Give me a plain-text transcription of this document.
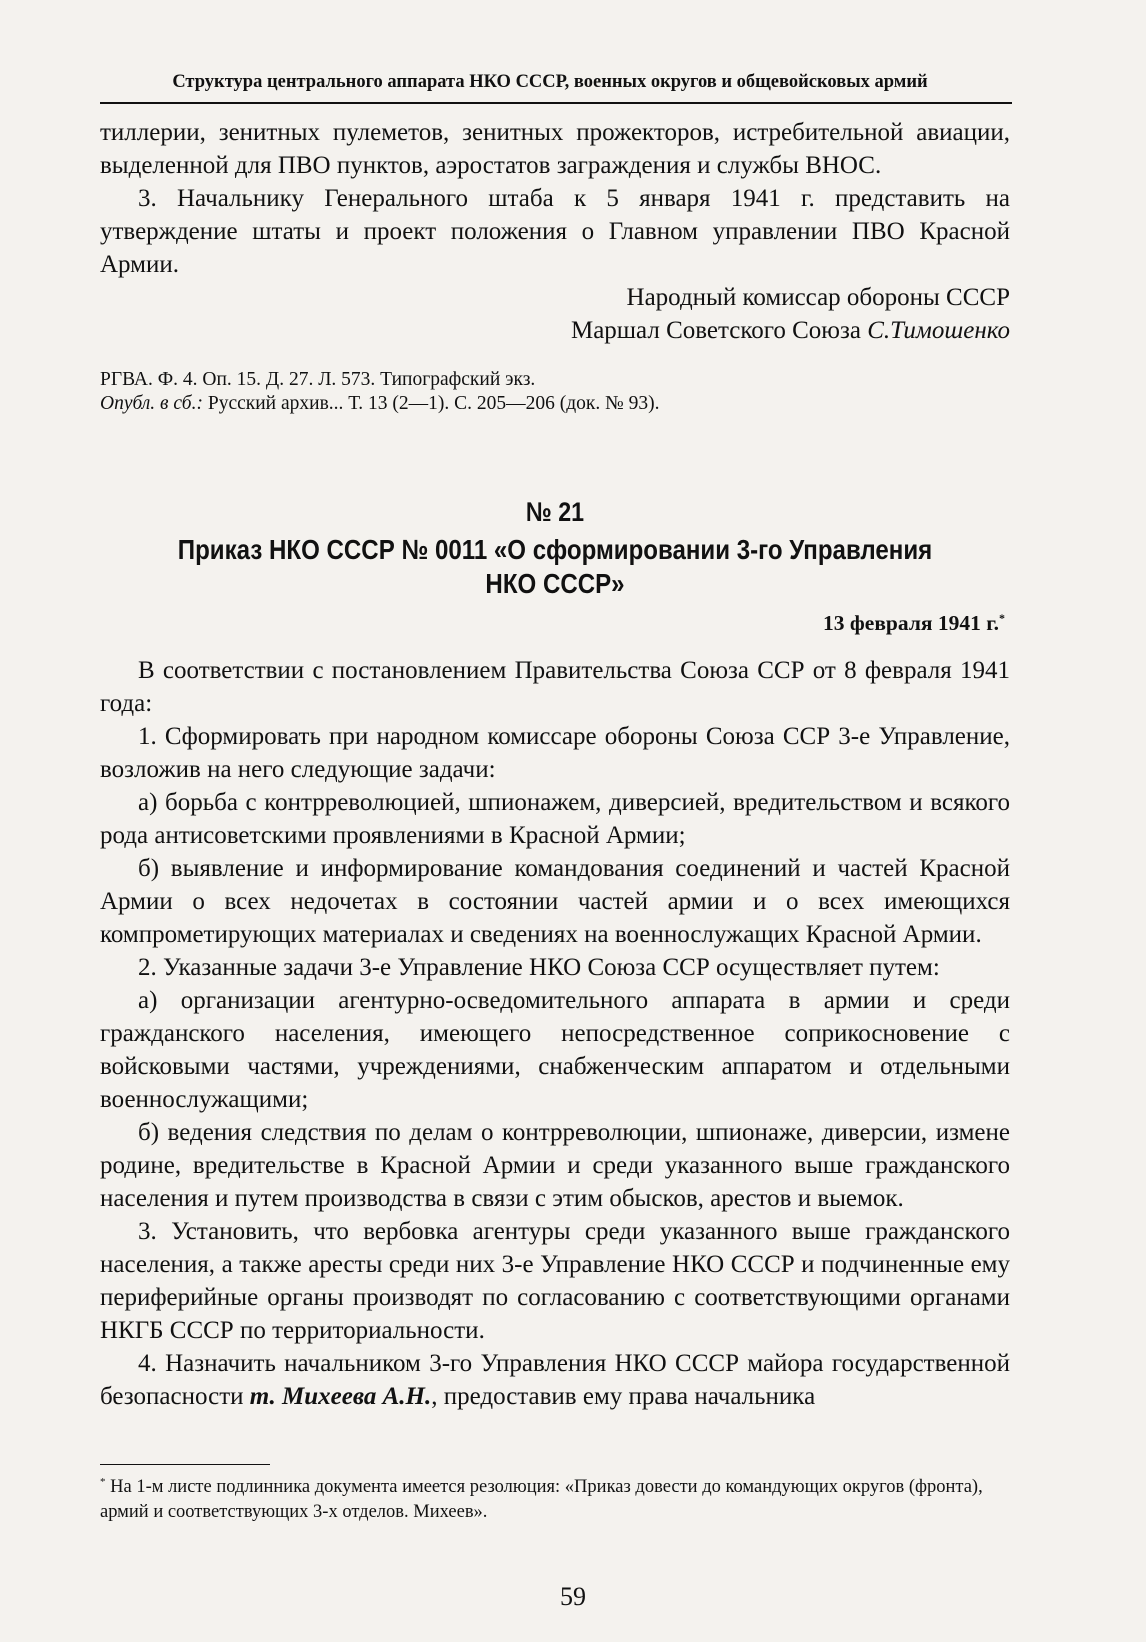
Структура центрального аппарата НКО СССР, военных округов и общевойсковых армий

тиллерии, зенитных пулеметов, зенитных прожекторов, истребительной авиации, выделенной для ПВО пунктов, аэростатов заграждения и службы ВНОС.

3. Начальнику Генерального штаба к 5 января 1941 г. представить на утверждение штаты и проект положения о Главном управлении ПВО Красной Армии.

Народный комиссар обороны СССР

Маршал Советского Союза С.Тимошенко

РГВА. Ф. 4. Оп. 15. Д. 27. Л. 573. Типографский экз.

Опубл. в сб.: Русский архив... Т. 13 (2—1). С. 205—206 (док. № 93).

№ 21
Приказ НКО СССР № 0011 «О сформировании 3-го Управления НКО СССР»
13 февраля 1941 г.*

В соответствии с постановлением Правительства Союза ССР от 8 февраля 1941 года:

1. Сформировать при народном комиссаре обороны Союза ССР 3-е Управление, возложив на него следующие задачи:

а) борьба с контрреволюцией, шпионажем, диверсией, вредительством и всякого рода антисоветскими проявлениями в Красной Армии;

б) выявление и информирование командования соединений и частей Красной Армии о всех недочетах в состоянии частей армии и о всех имеющихся компрометирующих материалах и сведениях на военнослужащих Красной Армии.

2. Указанные задачи 3-е Управление НКО Союза ССР осуществляет путем:

а) организации агентурно-осведомительного аппарата в армии и среди гражданского населения, имеющего непосредственное соприкосновение с войсковыми частями, учреждениями, снабженческим аппаратом и отдельными военнослужащими;

б) ведения следствия по делам о контрреволюции, шпионаже, диверсии, измене родине, вредительстве в Красной Армии и среди указанного выше гражданского населения и путем производства в связи с этим обысков, арестов и выемок.

3. Установить, что вербовка агентуры среди указанного выше гражданского населения, а также аресты среди них 3-е Управление НКО СССР и подчиненные ему периферийные органы производят по согласованию с соответствующими органами НКГБ СССР по территориальности.

4. Назначить начальником 3-го Управления НКО СССР майора государственной безопасности т. Михеева А.Н., предоставив ему права начальника

* На 1-м листе подлинника документа имеется резолюция: «Приказ довести до командующих округов (фронта), армий и соответствующих 3-х отделов. Михеев».

59
